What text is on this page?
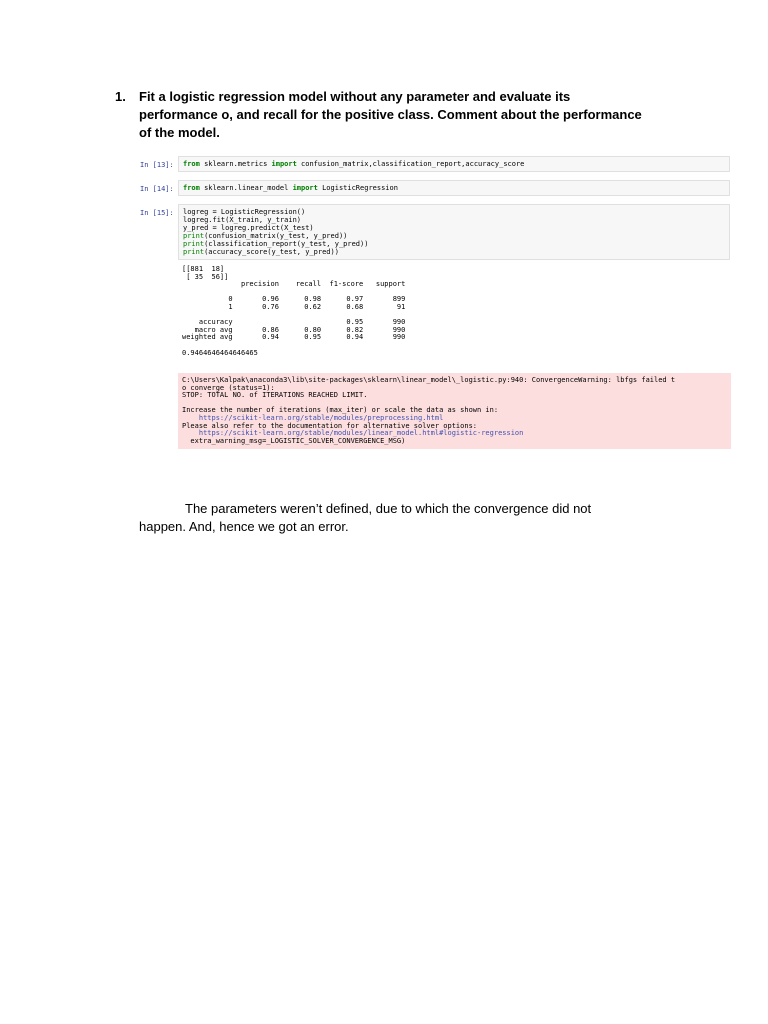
1. Fit a logistic regression model without any parameter and evaluate its
performance o, and recall for the positive class. Comment about the performance
of the model.
In [13]:	from sklearn.metrics import confusion_matrix,classification_report,accuracy_score
In [14]:	from sklearn.linear_model import LogisticRegression
In [15]:	logreg = LogisticRegression()
logreg.fit(X_train, y_train)
y_pred = logreg.predict(X_test)
print(confusion_matrix(y_test, y_pred))
print(classification_report(y_test, y_pred))
print(accuracy_score(y_test, y_pred))
[[881  18]
[ 35  56]]
precision    recall  f1-score   support

0       0.96      0.98      0.97       899
1       0.76      0.62      0.68        91

accuracy                           0.95       990
macro avg       0.86      0.80      0.82       990
weighted avg       0.94      0.95      0.94       990

0.9464646464646465
C:\Users\Kalpak\anaconda3\lib\site-packages\sklearn\linear_model\_logistic.py:940: ConvergenceWarning: lbfgs failed t
o converge (status=1):
STOP: TOTAL NO. of ITERATIONS REACHED LIMIT.

Increase the number of iterations (max_iter) or scale the data as shown in:
https://scikit-learn.org/stable/modules/preprocessing.html
Please also refer to the documentation for alternative solver options:
https://scikit-learn.org/stable/modules/linear_model.html#logistic-regression
extra_warning_msg=_LOGISTIC_SOLVER_CONVERGENCE_MSG)
The parameters weren’t defined, due to which the convergence did not
happen. And, hence we got an error.
